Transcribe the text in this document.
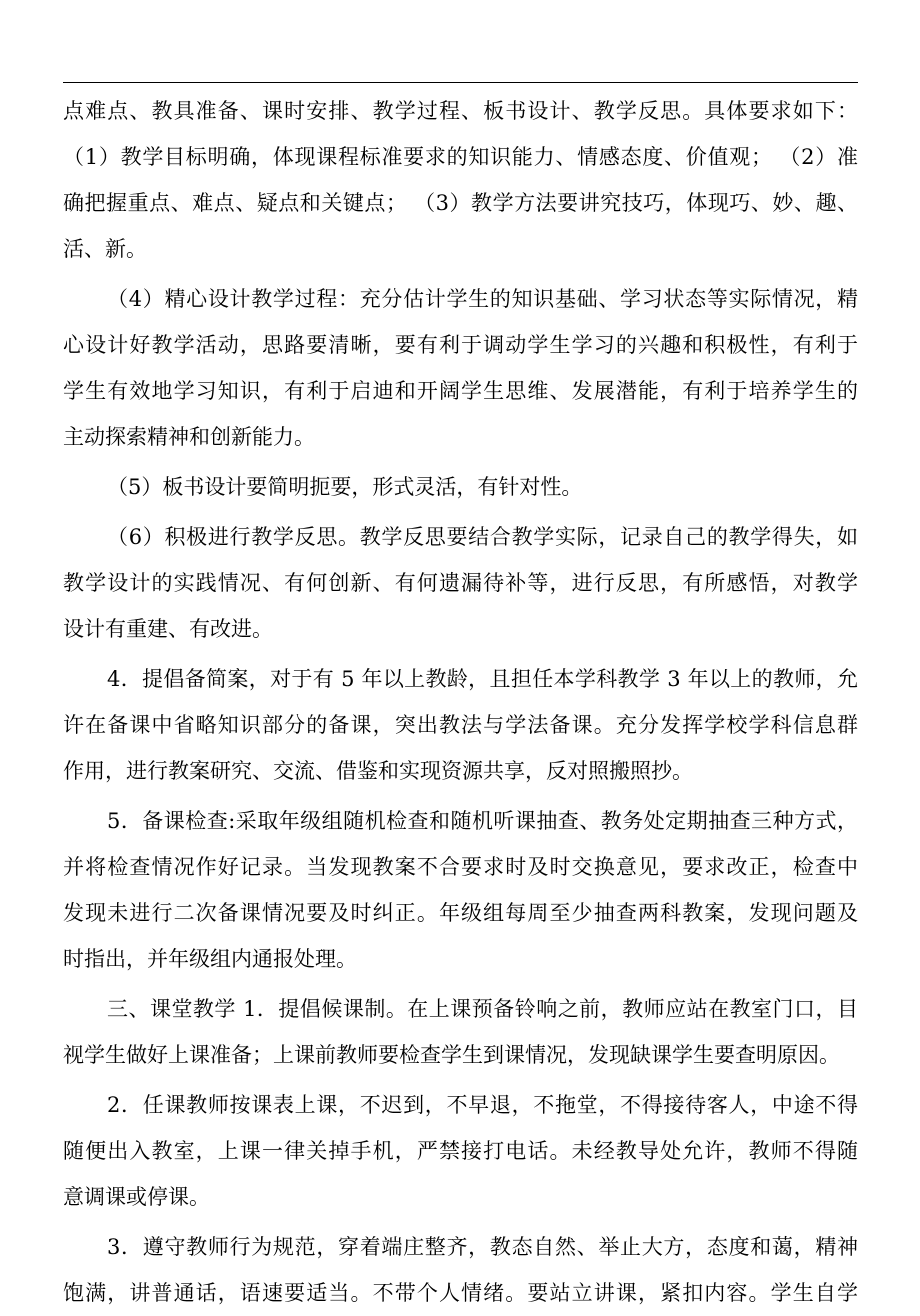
点难点、教具准备、课时安排、教学过程、板书设计、教学反思。具体要求如下：
（1）教学目标明确，体现课程标准要求的知识能力、情感态度、价值观； （2）准
确把握重点、难点、疑点和关键点； （3）教学方法要讲究技巧，体现巧、妙、趣、
活、新。
（4）精心设计教学过程：充分估计学生的知识基础、学习状态等实际情况，精
心设计好教学活动，思路要清晰，要有利于调动学生学习的兴趣和积极性，有利于
学生有效地学习知识，有利于启迪和开阔学生思维、发展潜能，有利于培养学生的
主动探索精神和创新能力。
（5）板书设计要简明扼要，形式灵活，有针对性。
（6）积极进行教学反思。教学反思要结合教学实际，记录自己的教学得失，如
教学设计的实践情况、有何创新、有何遗漏待补等，进行反思，有所感悟，对教学
设计有重建、有改进。
4．提倡备简案，对于有 5 年以上教龄，且担任本学科教学 3 年以上的教师，允
许在备课中省略知识部分的备课，突出教法与学法备课。充分发挥学校学科信息群
作用，进行教案研究、交流、借鉴和实现资源共享，反对照搬照抄。
5．备课检查:采取年级组随机检查和随机听课抽查、教务处定期抽查三种方式，
并将检查情况作好记录。当发现教案不合要求时及时交换意见，要求改正，检查中
发现未进行二次备课情况要及时纠正。年级组每周至少抽查两科教案，发现问题及
时指出，并年级组内通报处理。
三、课堂教学 1．提倡候课制。在上课预备铃响之前，教师应站在教室门口，目
视学生做好上课准备；上课前教师要检查学生到课情况，发现缺课学生要查明原因。
2．任课教师按课表上课，不迟到，不早退，不拖堂，不得接待客人，中途不得
随便出入教室，上课一律关掉手机，严禁接打电话。未经教导处允许，教师不得随
意调课或停课。
3．遵守教师行为规范，穿着端庄整齐，教态自然、举止大方，态度和蔼，精神
饱满，讲普通话，语速要适当。不带个人情绪。要站立讲课，紧扣内容。学生自学
